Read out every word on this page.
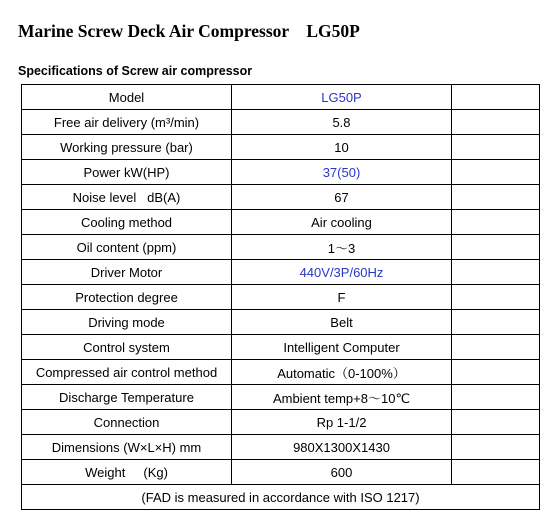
Marine Screw Deck Air Compressor    LG50P
Specifications of Screw air compressor
Model	LG50P	
Free air delivery (m³/min)	5.8	
Working pressure (bar)	10	
Power kW(HP)	37(50)	
Noise level   dB(A)	67	
Cooling method	Air cooling	
Oil content (ppm)	1～3	
Driver Motor	440V/3P/60Hz	
Protection degree	F	
Driving mode	Belt	
Control system	Intelligent Computer	
Compressed air control method	Automatic（0-100%）	
Discharge Temperature	Ambient temp+8～10℃	
Connection	Rp 1-1/2	
Dimensions (W×L×H) mm	980X1300X1430	
Weight     (Kg)	600	
(FAD is measured in accordance with ISO 1217)		
